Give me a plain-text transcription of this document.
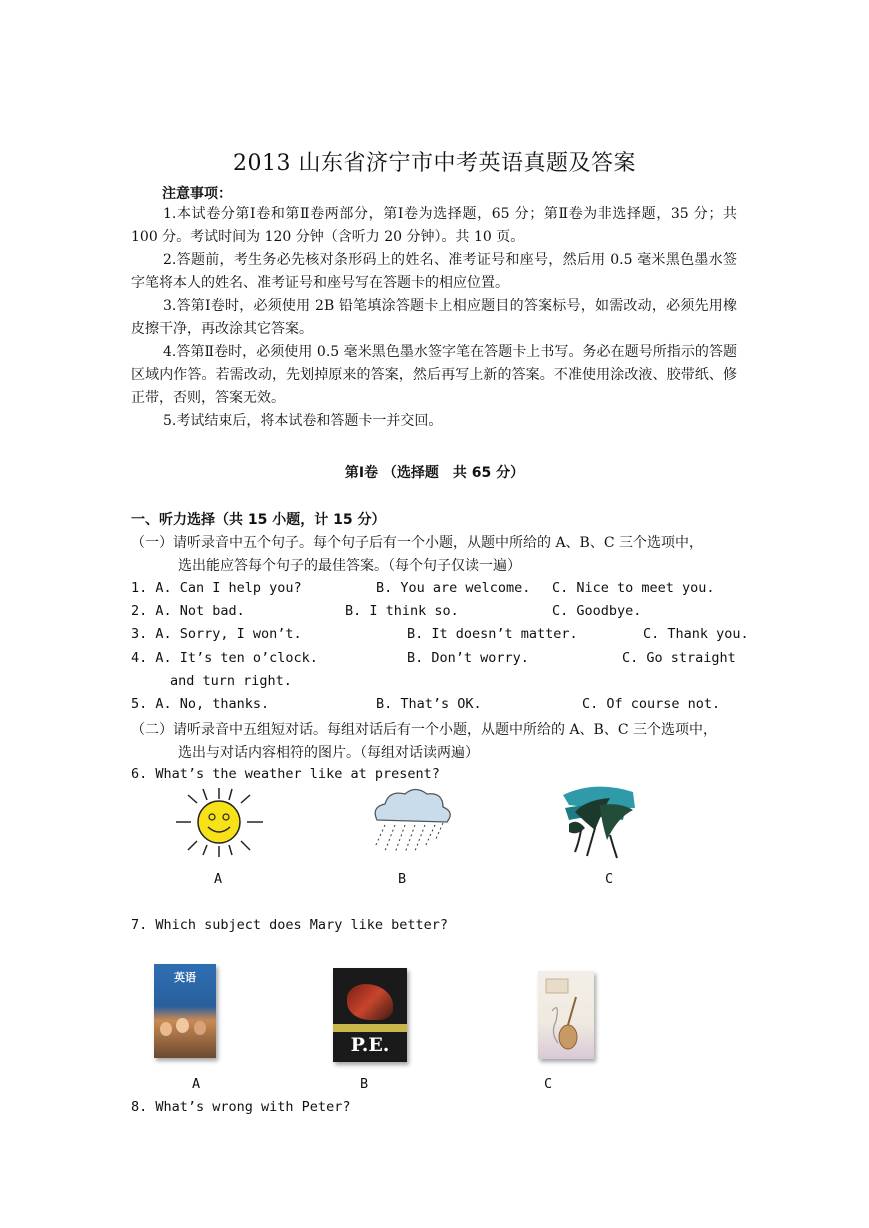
2013 山东省济宁市中考英语真题及答案
注意事项：
1.本试卷分第Ⅰ卷和第Ⅱ卷两部分，第Ⅰ卷为选择题，65 分；第Ⅱ卷为非选择题，35 分；共 100 分。考试时间为 120 分钟（含听力 20 分钟）。共 10 页。
2.答题前，考生务必先核对条形码上的姓名、准考证号和座号，然后用 0.5 毫米黑色墨水签字笔将本人的姓名、准考证号和座号写在答题卡的相应位置。
3.答第Ⅰ卷时，必须使用 2B 铅笔填涂答题卡上相应题目的答案标号，如需改动，必须先用橡皮擦干净，再改涂其它答案。
4.答第Ⅱ卷时，必须使用 0.5 毫米黑色墨水签字笔在答题卡上书写。务必在题号所指示的答题区域内作答。若需改动，先划掉原来的答案，然后再写上新的答案。不准使用涂改液、胶带纸、修正带，否则，答案无效。
5.考试结束后，将本试卷和答题卡一并交回。
第Ⅰ卷 （选择题　共 65 分）
一、听力选择（共 15 小题，计 15 分）
（一）请听录音中五个句子。每个句子后有一个小题，从题中所给的 A、B、C 三个选项中，
选出能应答每个句子的最佳答案。（每个句子仅读一遍）
1. A. Can I help you?	B. You are welcome. C. Nice to meet you.
2. A. Not bad.	B. I think so.	C. Goodbye.
3. A. Sorry, I won’t.	B. It doesn’t matter.	C. Thank you.
4. A. It’s ten o’clock.	B. Don’t worry.	C. Go straight
and turn right.
5. A. No, thanks.	B. That’s OK.	C. Of course not.
（二）请听录音中五组短对话。每组对话后有一个小题，从题中所给的 A、B、C 三个选项中，
选出与对话内容相符的图片。（每组对话读两遍）
6. What’s the weather like at present?
A	B	C
7. Which subject does Mary like better?
英语
P.E.
A	B	C
8. What’s wrong with Peter?
